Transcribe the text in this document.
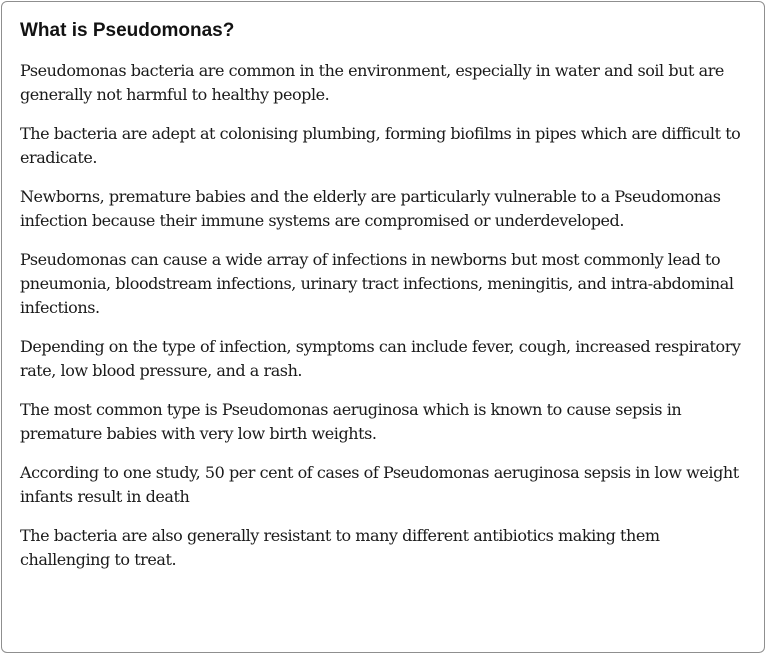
What is Pseudomonas?

Pseudomonas bacteria are common in the environment, especially in water and soil but are generally not harmful to healthy people.

The bacteria are adept at colonising plumbing, forming biofilms in pipes which are difficult to eradicate.

Newborns, premature babies and the elderly are particularly vulnerable to a Pseudomonas infection because their immune systems are compromised or underdeveloped.

Pseudomonas can cause a wide array of infections in newborns but most commonly lead to pneumonia, bloodstream infections, urinary tract infections, meningitis, and intra-abdominal infections.

Depending on the type of infection, symptoms can include fever, cough, increased respiratory rate, low blood pressure, and a rash.

The most common type is Pseudomonas aeruginosa which is known to cause sepsis in premature babies with very low birth weights.

According to one study, 50 per cent of cases of Pseudomonas aeruginosa sepsis in low weight infants result in death

The bacteria are also generally resistant to many different antibiotics making them challenging to treat.
